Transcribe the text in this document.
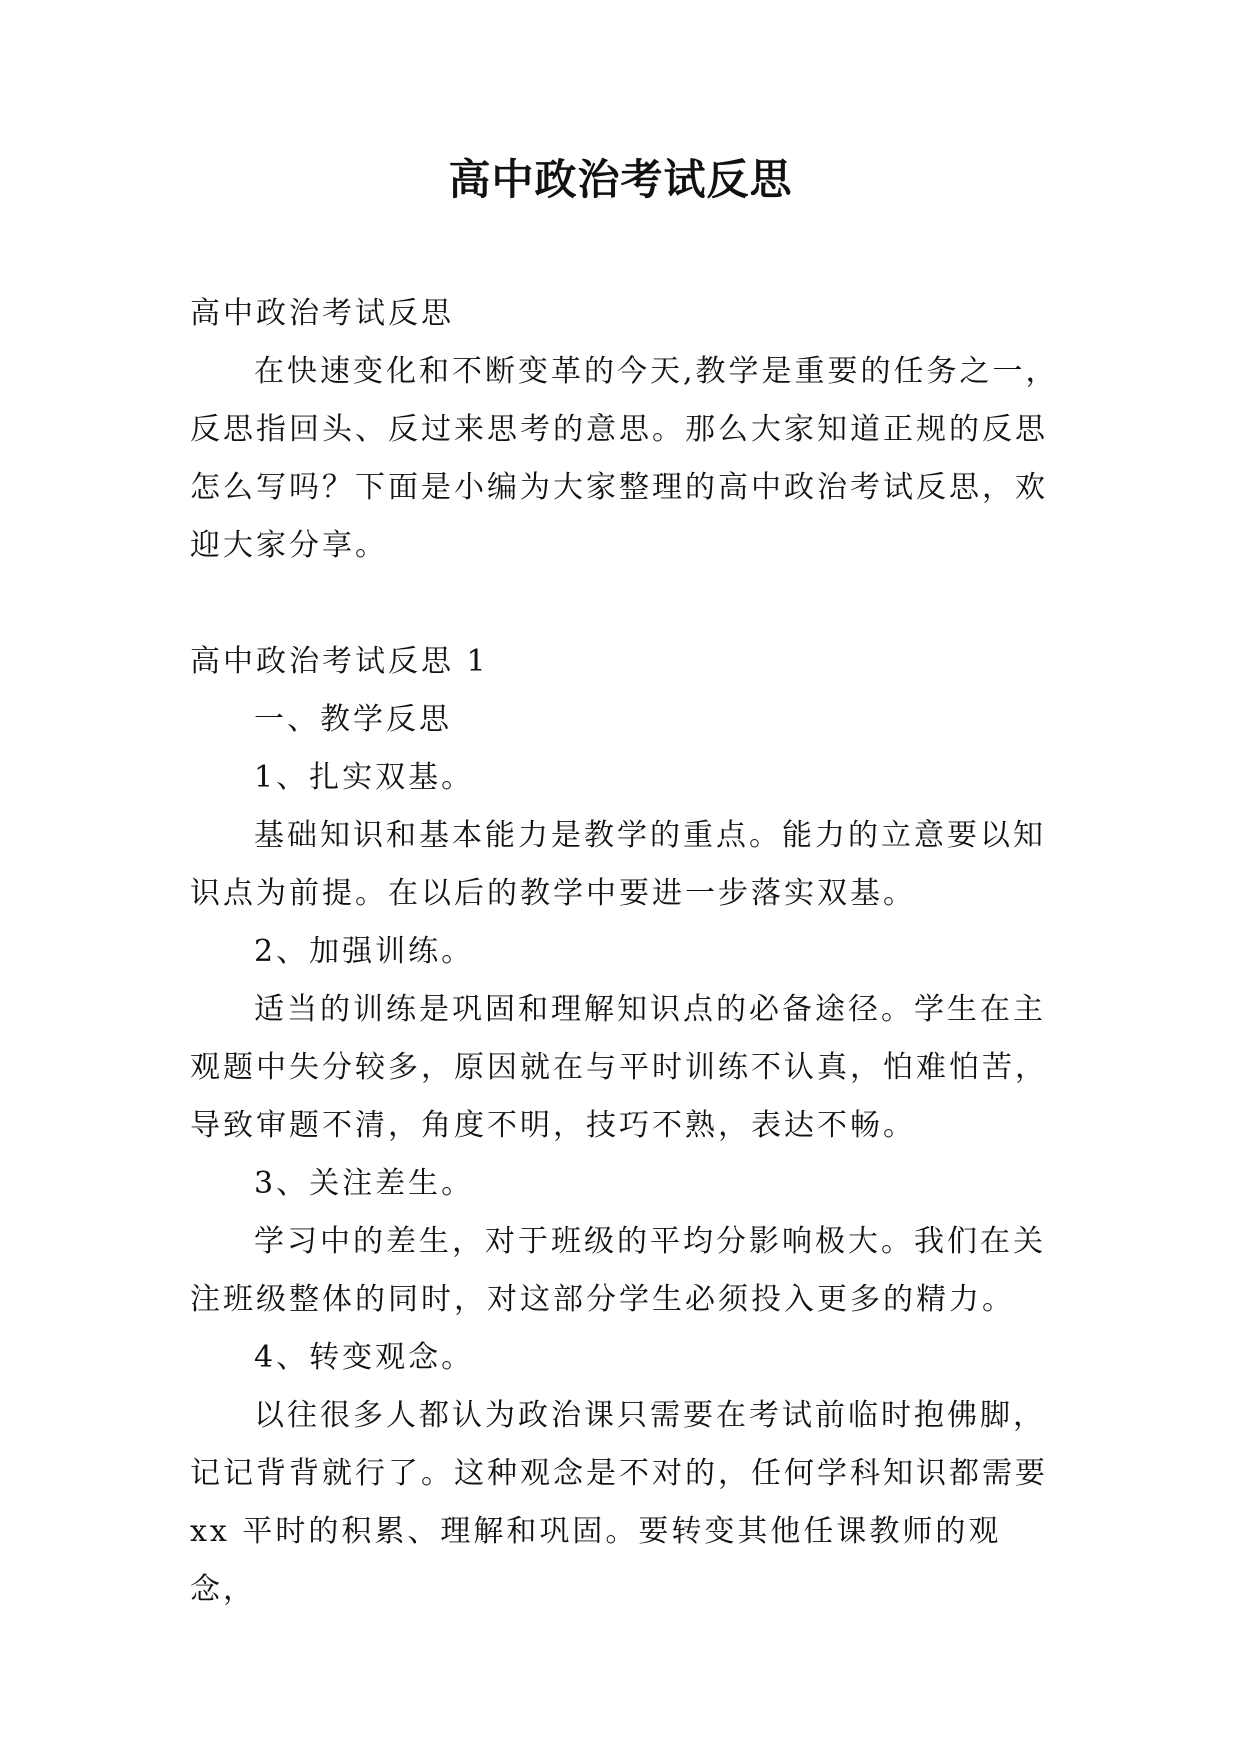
高中政治考试反思

高中政治考试反思

在快速变化和不断变革的今天,教学是重要的任务之一，反思指回头、反过来思考的意思。那么大家知道正规的反思怎么写吗？下面是小编为大家整理的高中政治考试反思，欢迎大家分享。

高中政治考试反思 1

一、教学反思

1、扎实双基。

基础知识和基本能力是教学的重点。能力的立意要以知识点为前提。在以后的教学中要进一步落实双基。

2、加强训练。

适当的训练是巩固和理解知识点的必备途径。学生在主观题中失分较多，原因就在与平时训练不认真，怕难怕苦，导致审题不清，角度不明，技巧不熟，表达不畅。

3、关注差生。

学习中的差生，对于班级的平均分影响极大。我们在关注班级整体的同时，对这部分学生必须投入更多的精力。

4、转变观念。

以往很多人都认为政治课只需要在考试前临时抱佛脚，记记背背就行了。这种观念是不对的，任何学科知识都需要 xx 平时的积累、理解和巩固。要转变其他任课教师的观念，
